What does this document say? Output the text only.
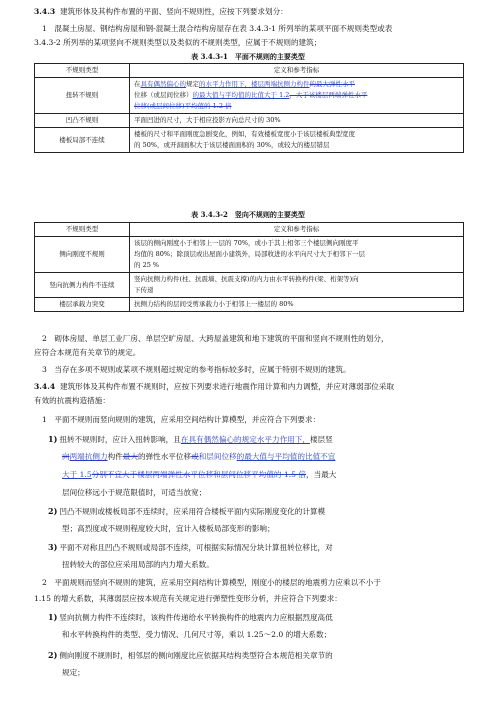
3.4.3 建筑形体及其构件布置的平面、竖向不规则性，应按下列要求划分：
1　混凝土房屋、钢结构房屋和钢-混凝土混合结构房屋存在表 3.4.3-1 所列举的某项平面不规则类型或表
3.4.3-2 所列举的某项竖向不规则类型以及类似的不规则类型，应属于不规则的建筑；
表 3.4.3-1　平面不规则的主要类型
不规则类型	定义和参考指标
扭转不规则	在具有偶然偏心的规定的水平力作用下，楼层两端抗侧力构件的最大弹性水平
位移（或层间位移）的最大值与平均值的比值大于 1.2，大于该楼层两端弹性水平
位移(或层间位移)平均值的 1.2 倍

凹凸不规则	平面凹进的尺寸，大于相应投影方向总尺寸的 30%
楼板局部不连续	楼板的尺寸和平面刚度急剧变化，例如，有效楼板宽度小于该层楼板典型宽度
的 50%，或开洞面积大于该层楼面面积的 30%，或较大的楼层错层
表 3.4.3-2　竖向不规则的主要类型
不规则类型	定义和参考指标
侧向刚度不规则	该层的侧向刚度小于相邻上一层的 70%，或小于其上相邻三个楼层侧向刚度平
均值的 80%；除顶层或出屋面小建筑外，局部收进的水平向尺寸大于相邻下一层
的 25 %

竖向抗侧力构件不连续	竖向抗侧力构件(柱、抗震墙、抗震支撑)的内力由水平转换构件(梁、桁架等)向
下传递

楼层承载力突变	抗侧力结构的层间受剪承载力小于相邻上一楼层的 80%
2　砌体房屋、单层工业厂房、单层空旷房屋、大跨屋盖建筑和地下建筑的平面和竖向不规则性的划分，
应符合本规范有关章节的规定。
3　当存在多项不规则或某项不规则超过规定的参考指标较多时，应属于特别不规则的建筑。
3.4.4 建筑形体及其构件布置不规则时，应按下列要求进行地震作用计算和内力调整，并应对薄弱部位采取
有效的抗震构造措施：
1　平面不规则而竖向规则的建筑，应采用空间结构计算模型，并应符合下列要求：
1) 扭转不规则时，应计入扭转影响，且在具有偶然偏心的规定水平力作用下，楼层竖
向两端抗侧力构件最大的弹性水平位移或和层间位移的最大值与平均值的比值不宜
大于 1.5分别不宜大于楼层两端弹性水平位移和层间位移平均值的 1.5 倍，当最大
层间位移远小于规范限值时，可适当放宽；
2) 凹凸不规则或楼板局部不连续时，应采用符合楼板平面内实际刚度变化的计算模
型；高烈度或不规则程度较大时，宜计入楼板局部变形的影响；
3) 平面不对称且凹凸不规则或局部不连续，可根据实际情况分块计算扭转位移比，对
扭转较大的部位应采用局部的内力增大系数。
2　平面规则而竖向不规则的建筑，应采用空间结构计算模型，刚度小的楼层的地震剪力应乘以不小于
1.15 的增大系数，其薄弱层应按本规范有关规定进行弹塑性变形分析，并应符合下列要求：
1) 竖向抗侧力构件不连续时，该构件传递给水平转换构件的地震内力应根据烈度高低
和水平转换构件的类型、受力情况、几何尺寸等，乘以 1.25～2.0 的增大系数；
2) 侧向刚度不规则时，相邻层的侧向刚度比应依据其结构类型符合本规范相关章节的
规定；
